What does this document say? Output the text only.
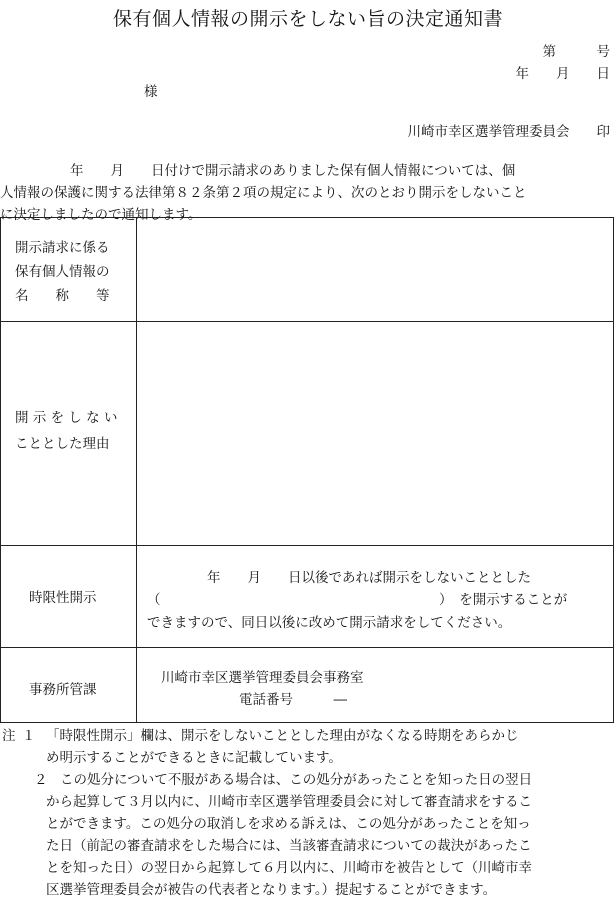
保有個人情報の開示をしない旨の決定通知書
第　　　号
年　　月　　日
様
川崎市幸区選挙管理委員会　　印

年　　月　　日付けで開示請求のありました保有個人情報については、個

人情報の保護に関する法律第８２条第２項の規定により、次のとおり開示をしないこと

に決定しましたので通知します。

開示請求に係る
保有個人情報の
名　　称　　等
開 示 を し な い
こととした理由
時限性開示
年　　月　　日以後であれば開示をしないこととした
（	）　を開示することが
できますので、同日以後に改めて開示請求をしてください。
事務所管課
川崎市幸区選挙管理委員会事務室
電話番号　　　―
注 １ 「時限性開示」欄は、開示をしないこととした理由がなくなる時期をあらかじ
め明示することができるときに記載しています。
２ この処分について不服がある場合は、この処分があったことを知った日の翌日
から起算して３月以内に、川崎市幸区選挙管理委員会に対して審査請求をするこ
とができます。この処分の取消しを求める訴えは、この処分があったことを知っ
た日（前記の審査請求をした場合には、当該審査請求についての裁決があったこ
とを知った日）の翌日から起算して６月以内に、川崎市を被告として（川崎市幸
区選挙管理委員会が被告の代表者となります。）提起することができます。
